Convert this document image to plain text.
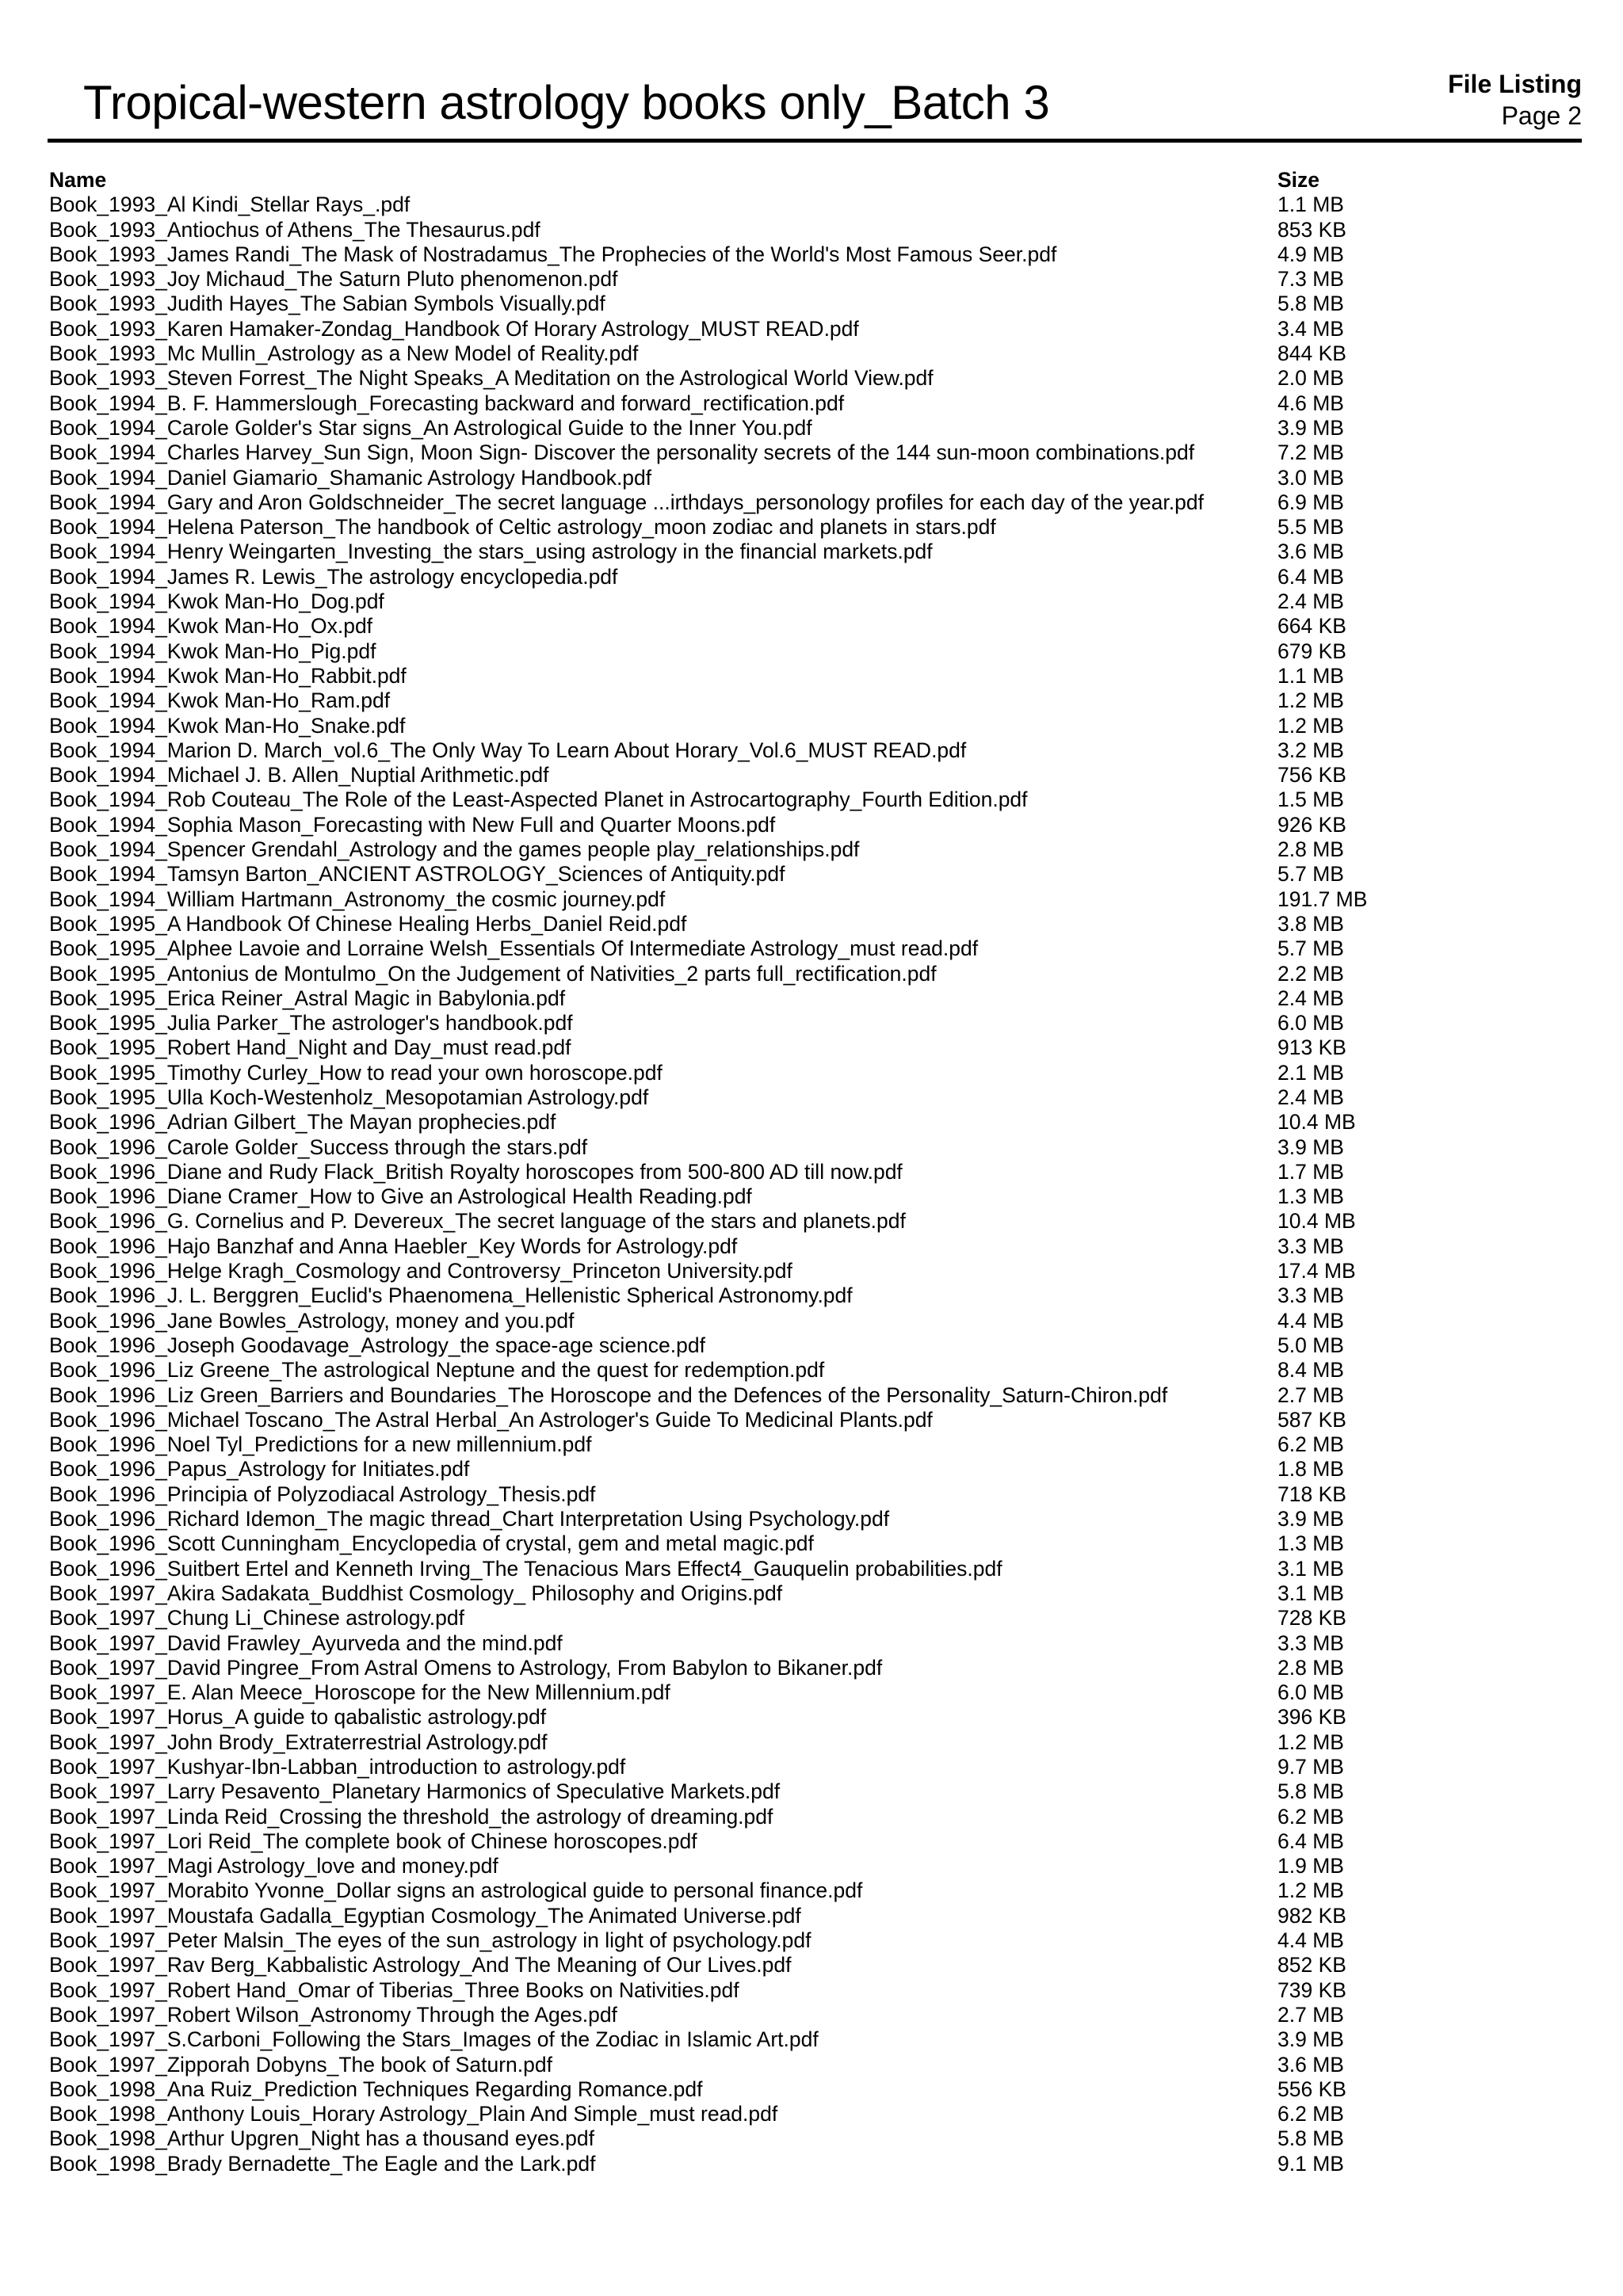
Tropical-western astrology books only_Batch 3	File Listing
Page 2
Name	Size
Book_1993_Al Kindi_Stellar Rays_.pdf	1.1 MB
Book_1993_Antiochus of Athens_The Thesaurus.pdf	853 KB
Book_1993_James Randi_The Mask of Nostradamus_The Prophecies of the World's Most Famous Seer.pdf	4.9 MB
Book_1993_Joy Michaud_The Saturn Pluto phenomenon.pdf	7.3 MB
Book_1993_Judith Hayes_The Sabian Symbols Visually.pdf	5.8 MB
Book_1993_Karen Hamaker-Zondag_Handbook Of Horary Astrology_MUST READ.pdf	3.4 MB
Book_1993_Mc Mullin_Astrology as a New Model of Reality.pdf	844 KB
Book_1993_Steven Forrest_The Night Speaks_A Meditation on the Astrological World View.pdf	2.0 MB
Book_1994_B. F. Hammerslough_Forecasting backward and forward_rectification.pdf	4.6 MB
Book_1994_Carole Golder's Star signs_An Astrological Guide to the Inner You.pdf	3.9 MB
Book_1994_Charles Harvey_Sun Sign, Moon Sign- Discover the personality secrets of the 144 sun-moon combinations.pdf	7.2 MB
Book_1994_Daniel Giamario_Shamanic Astrology Handbook.pdf	3.0 MB
Book_1994_Gary and Aron Goldschneider_The secret language ...irthdays_personology profiles for each day of the year.pdf	6.9 MB
Book_1994_Helena Paterson_The handbook of Celtic astrology_moon zodiac and planets in stars.pdf	5.5 MB
Book_1994_Henry Weingarten_Investing_the stars_using astrology in the financial markets.pdf	3.6 MB
Book_1994_James R. Lewis_The astrology encyclopedia.pdf	6.4 MB
Book_1994_Kwok Man-Ho_Dog.pdf	2.4 MB
Book_1994_Kwok Man-Ho_Ox.pdf	664 KB
Book_1994_Kwok Man-Ho_Pig.pdf	679 KB
Book_1994_Kwok Man-Ho_Rabbit.pdf	1.1 MB
Book_1994_Kwok Man-Ho_Ram.pdf	1.2 MB
Book_1994_Kwok Man-Ho_Snake.pdf	1.2 MB
Book_1994_Marion D. March_vol.6_The Only Way To Learn About Horary_Vol.6_MUST READ.pdf	3.2 MB
Book_1994_Michael J. B. Allen_Nuptial Arithmetic.pdf	756 KB
Book_1994_Rob Couteau_The Role of the Least-Aspected Planet in Astrocartography_Fourth Edition.pdf	1.5 MB
Book_1994_Sophia Mason_Forecasting with New Full and Quarter Moons.pdf	926 KB
Book_1994_Spencer Grendahl_Astrology and the games people play_relationships.pdf	2.8 MB
Book_1994_Tamsyn Barton_ANCIENT ASTROLOGY_Sciences of Antiquity.pdf	5.7 MB
Book_1994_William Hartmann_Astronomy_the cosmic journey.pdf	191.7 MB
Book_1995_A Handbook Of Chinese Healing Herbs_Daniel Reid.pdf	3.8 MB
Book_1995_Alphee Lavoie and Lorraine Welsh_Essentials Of Intermediate Astrology_must read.pdf	5.7 MB
Book_1995_Antonius de Montulmo_On the Judgement of Nativities_2 parts full_rectification.pdf	2.2 MB
Book_1995_Erica Reiner_Astral Magic in Babylonia.pdf	2.4 MB
Book_1995_Julia Parker_The astrologer's handbook.pdf	6.0 MB
Book_1995_Robert Hand_Night and Day_must read.pdf	913 KB
Book_1995_Timothy Curley_How to read your own horoscope.pdf	2.1 MB
Book_1995_Ulla Koch-Westenholz_Mesopotamian Astrology.pdf	2.4 MB
Book_1996_Adrian Gilbert_The Mayan prophecies.pdf	10.4 MB
Book_1996_Carole Golder_Success through the stars.pdf	3.9 MB
Book_1996_Diane and Rudy Flack_British Royalty horoscopes from 500-800 AD till now.pdf	1.7 MB
Book_1996_Diane Cramer_How to Give an Astrological Health Reading.pdf	1.3 MB
Book_1996_G. Cornelius and P. Devereux_The secret language of the stars and planets.pdf	10.4 MB
Book_1996_Hajo Banzhaf and Anna Haebler_Key Words for Astrology.pdf	3.3 MB
Book_1996_Helge Kragh_Cosmology and Controversy_Princeton University.pdf	17.4 MB
Book_1996_J. L. Berggren_Euclid's Phaenomena_Hellenistic Spherical Astronomy.pdf	3.3 MB
Book_1996_Jane Bowles_Astrology, money and you.pdf	4.4 MB
Book_1996_Joseph Goodavage_Astrology_the space-age science.pdf	5.0 MB
Book_1996_Liz Greene_The astrological Neptune and the quest for redemption.pdf	8.4 MB
Book_1996_Liz Green_Barriers and Boundaries_The Horoscope and the Defences of the Personality_Saturn-Chiron.pdf	2.7 MB
Book_1996_Michael Toscano_The Astral Herbal_An Astrologer's Guide To Medicinal Plants.pdf	587 KB
Book_1996_Noel Tyl_Predictions for a new millennium.pdf	6.2 MB
Book_1996_Papus_Astrology for Initiates.pdf	1.8 MB
Book_1996_Principia of Polyzodiacal Astrology_Thesis.pdf	718 KB
Book_1996_Richard Idemon_The magic thread_Chart Interpretation Using Psychology.pdf	3.9 MB
Book_1996_Scott Cunningham_Encyclopedia of crystal, gem and metal magic.pdf	1.3 MB
Book_1996_Suitbert Ertel and Kenneth Irving_The Tenacious Mars Effect4_Gauquelin probabilities.pdf	3.1 MB
Book_1997_Akira Sadakata_Buddhist Cosmology_ Philosophy and Origins.pdf	3.1 MB
Book_1997_Chung Li_Chinese astrology.pdf	728 KB
Book_1997_David Frawley_Ayurveda and the mind.pdf	3.3 MB
Book_1997_David Pingree_From Astral Omens to Astrology, From Babylon to Bikaner.pdf	2.8 MB
Book_1997_E. Alan Meece_Horoscope for the New Millennium.pdf	6.0 MB
Book_1997_Horus_A guide to qabalistic astrology.pdf	396 KB
Book_1997_John Brody_Extraterrestrial Astrology.pdf	1.2 MB
Book_1997_Kushyar-Ibn-Labban_introduction to astrology.pdf	9.7 MB
Book_1997_Larry Pesavento_Planetary Harmonics of Speculative Markets.pdf	5.8 MB
Book_1997_Linda Reid_Crossing the threshold_the astrology of dreaming.pdf	6.2 MB
Book_1997_Lori Reid_The complete book of Chinese horoscopes.pdf	6.4 MB
Book_1997_Magi Astrology_love and money.pdf	1.9 MB
Book_1997_Morabito Yvonne_Dollar signs an astrological guide to personal finance.pdf	1.2 MB
Book_1997_Moustafa Gadalla_Egyptian Cosmology_The Animated Universe.pdf	982 KB
Book_1997_Peter Malsin_The eyes of the sun_astrology in light of psychology.pdf	4.4 MB
Book_1997_Rav Berg_Kabbalistic Astrology_And The Meaning of Our Lives.pdf	852 KB
Book_1997_Robert Hand_Omar of Tiberias_Three Books on Nativities.pdf	739 KB
Book_1997_Robert Wilson_Astronomy Through the Ages.pdf	2.7 MB
Book_1997_S.Carboni_Following the Stars_Images of the Zodiac in Islamic Art.pdf	3.9 MB
Book_1997_Zipporah Dobyns_The book of Saturn.pdf	3.6 MB
Book_1998_Ana Ruiz_Prediction Techniques Regarding Romance.pdf	556 KB
Book_1998_Anthony Louis_Horary Astrology_Plain And Simple_must read.pdf	6.2 MB
Book_1998_Arthur Upgren_Night has a thousand eyes.pdf	5.8 MB
Book_1998_Brady Bernadette_The Eagle and the Lark.pdf	9.1 MB
